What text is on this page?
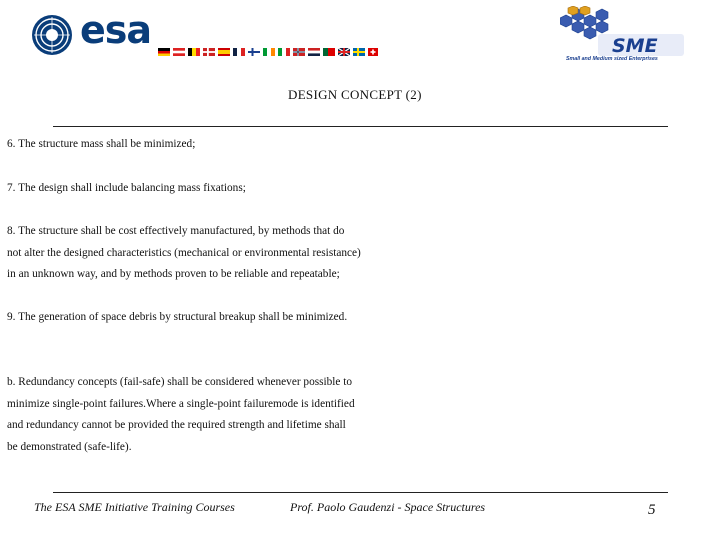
esa	SME
Small and Medium sized Enterprises
DESIGN CONCEPT (2)
6. The structure mass shall be minimized;
7. The design shall include balancing mass fixations;
8. The structure shall be cost effectively manufactured, by methods that do
not alter the designed characteristics (mechanical or environmental resistance)
in an unknown way, and by methods proven to be reliable and repeatable;
9. The generation of space debris by structural breakup shall be minimized.
b. Redundancy concepts (fail-safe) shall be considered whenever possible to
minimize single-point failures.Where a single-point failuremode is identified
and redundancy cannot be provided the required strength and lifetime shall
be demonstrated (safe-life).
The ESA SME Initiative Training Courses	Prof. Paolo Gaudenzi - Space Structures	5
